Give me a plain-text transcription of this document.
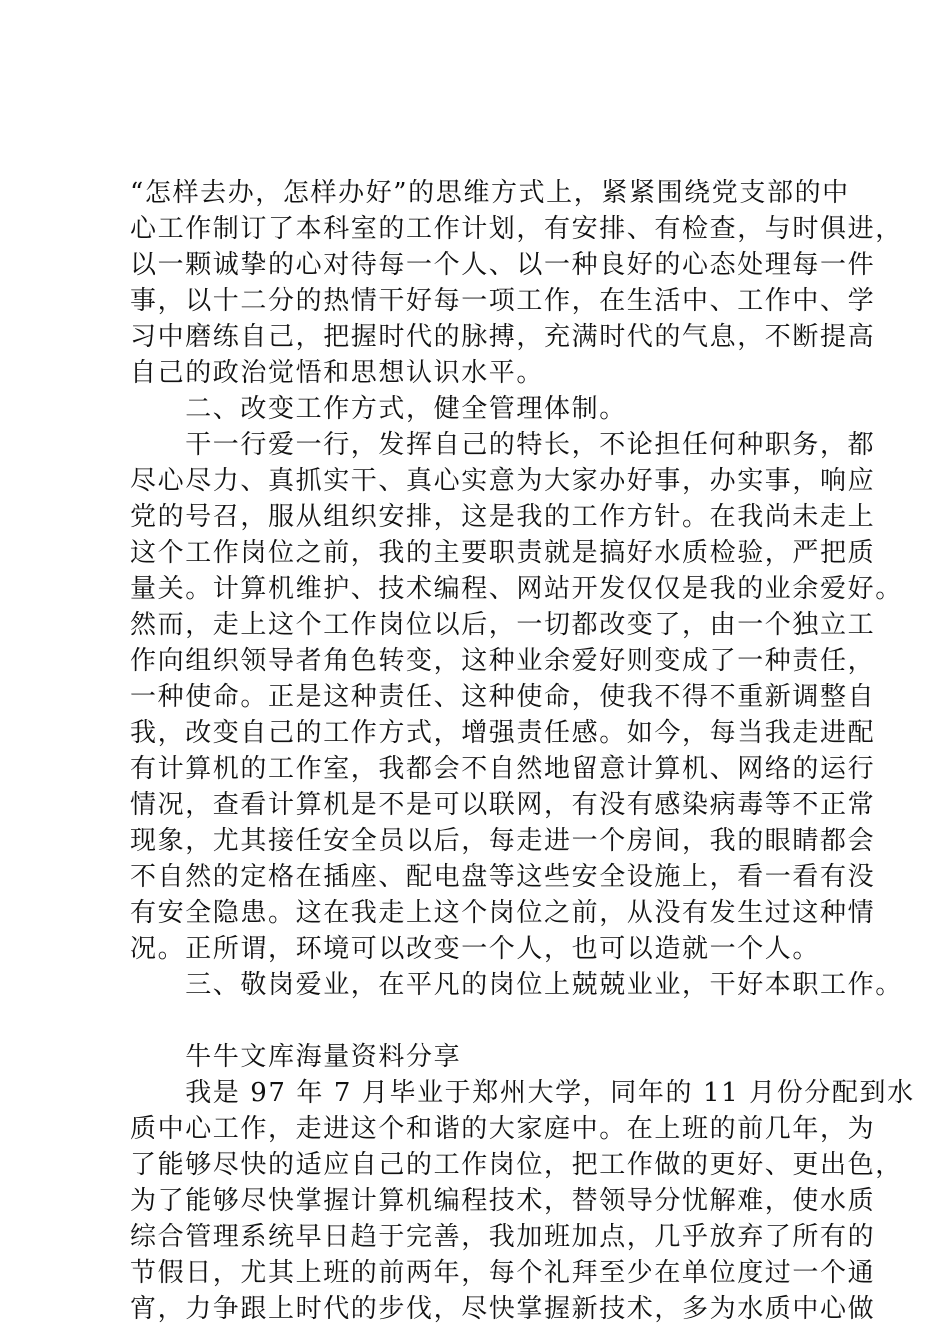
“怎样去办，怎样办好”的思维方式上，紧紧围绕党支部的中
心工作制订了本科室的工作计划，有安排、有检查，与时俱进，
以一颗诚挚的心对待每一个人、以一种良好的心态处理每一件
事，以十二分的热情干好每一项工作，在生活中、工作中、学
习中磨练自己，把握时代的脉搏，充满时代的气息，不断提高
自己的政治觉悟和思想认识水平。
　　二、改变工作方式，健全管理体制。
　　干一行爱一行，发挥自己的特长，不论担任何种职务，都
尽心尽力、真抓实干、真心实意为大家办好事，办实事，响应
党的号召，服从组织安排，这是我的工作方针。在我尚未走上
这个工作岗位之前，我的主要职责就是搞好水质检验，严把质
量关。计算机维护、技术编程、网站开发仅仅是我的业余爱好。
然而，走上这个工作岗位以后，一切都改变了，由一个独立工
作向组织领导者角色转变，这种业余爱好则变成了一种责任，
一种使命。正是这种责任、这种使命，使我不得不重新调整自
我，改变自己的工作方式，增强责任感。如今，每当我走进配
有计算机的工作室，我都会不自然地留意计算机、网络的运行
情况，查看计算机是不是可以联网，有没有感染病毒等不正常
现象，尤其接任安全员以后，每走进一个房间，我的眼睛都会
不自然的定格在插座、配电盘等这些安全设施上，看一看有没
有安全隐患。这在我走上这个岗位之前，从没有发生过这种情
况。正所谓，环境可以改变一个人，也可以造就一个人。
　　三、敬岗爱业，在平凡的岗位上兢兢业业，干好本职工作。
　　牛牛文库海量资料分享
　　我是 97 年 7 月毕业于郑州大学，同年的 11 月份分配到水
质中心工作，走进这个和谐的大家庭中。在上班的前几年，为
了能够尽快的适应自己的工作岗位，把工作做的更好、更出色，
为了能够尽快掌握计算机编程技术，替领导分忧解难，使水质
综合管理系统早日趋于完善，我加班加点，几乎放弃了所有的
节假日，尤其上班的前两年，每个礼拜至少在单位度过一个通
宵，力争跟上时代的步伐，尽快掌握新技术，多为水质中心做
